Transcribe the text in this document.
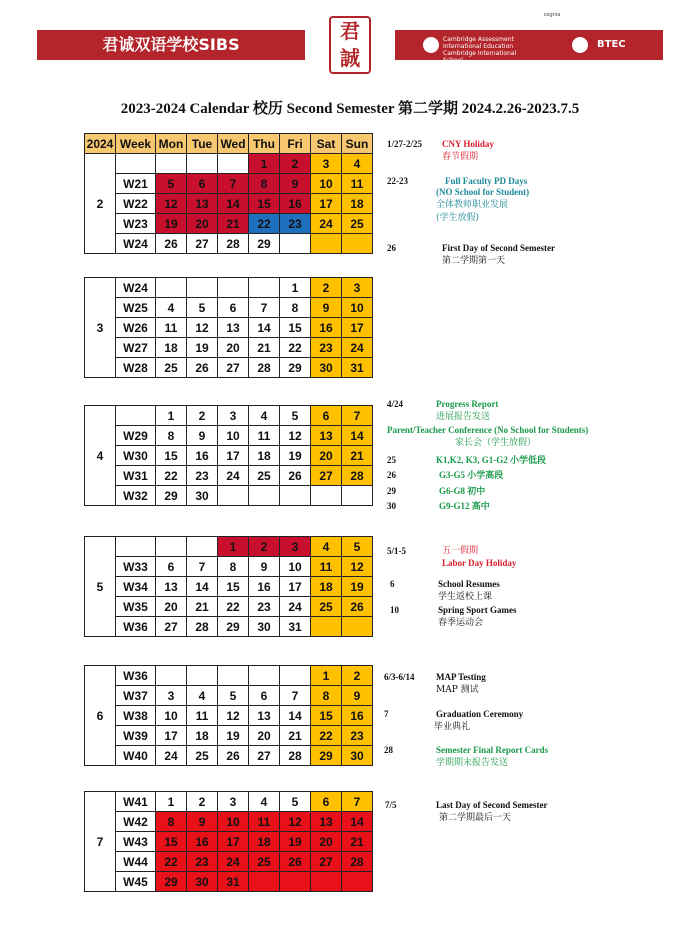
君诚双语学校SIBS
君
誠
Cambridge Assessment
International Education
Cambridge International School
AP	cognia
BTEC
2023-2024 Calendar 校历 Second Semester 第二学期 2024.2.26-2023.7.5
2024	Week	Mon	Tue	Wed	Thu	Fri	Sat	Sun
2					1	2	3	4
	W21	5	6	7	8	9	10	11
	W22	12	13	14	15	16	17	18
	W23	19	20	21	22	23	24	25
	W24	26	27	28	29			
3	W24					1	2	3
	W25	4	5	6	7	8	9	10
	W26	11	12	13	14	15	16	17
	W27	18	19	20	21	22	23	24
	W28	25	26	27	28	29	30	31
4		1	2	3	4	5	6	7
	W29	8	9	10	11	12	13	14
	W30	15	16	17	18	19	20	21
	W31	22	23	24	25	26	27	28
	W32	29	30					
5				1	2	3	4	5
	W33	6	7	8	9	10	11	12
	W34	13	14	15	16	17	18	19
	W35	20	21	22	23	24	25	26
	W36	27	28	29	30	31		
6	W36						1	2
	W37	3	4	5	6	7	8	9
	W38	10	11	12	13	14	15	16
	W39	17	18	19	20	21	22	23
	W40	24	25	26	27	28	29	30
7	W41	1	2	3	4	5	6	7
	W42	8	9	10	11	12	13	14
	W43	15	16	17	18	19	20	21
	W44	22	23	24	25	26	27	28
	W45	29	30	31				
1/27-2/25 CNY Holiday
春节假期
22-23	Full Faculty PD Days
(NO School for Student)
全体教师职业发展
(学生放假)
26	First Day of Second Semester
第二学期第一天
4/24	Progress Report
进展报告发送
Parent/Teacher Conference (No School for Students)
家长会（学生放假）
25	K1,K2, K3, G1-G2 小学低段
26	G3-G5 小学高段
29	G6-G8 初中
30	G9-G12 高中
5/1-5	五一假期
Labor Day Holiday
6	School Resumes
学生返校上课
10	Spring Sport Games
春季运动会
6/3-6/14 MAP Testing
MAP 测试
7	Graduation Ceremony
毕业典礼
28	Semester Final Report Cards
学期期末报告发送
7/5	Last Day of Second Semester
第二学期最后一天
